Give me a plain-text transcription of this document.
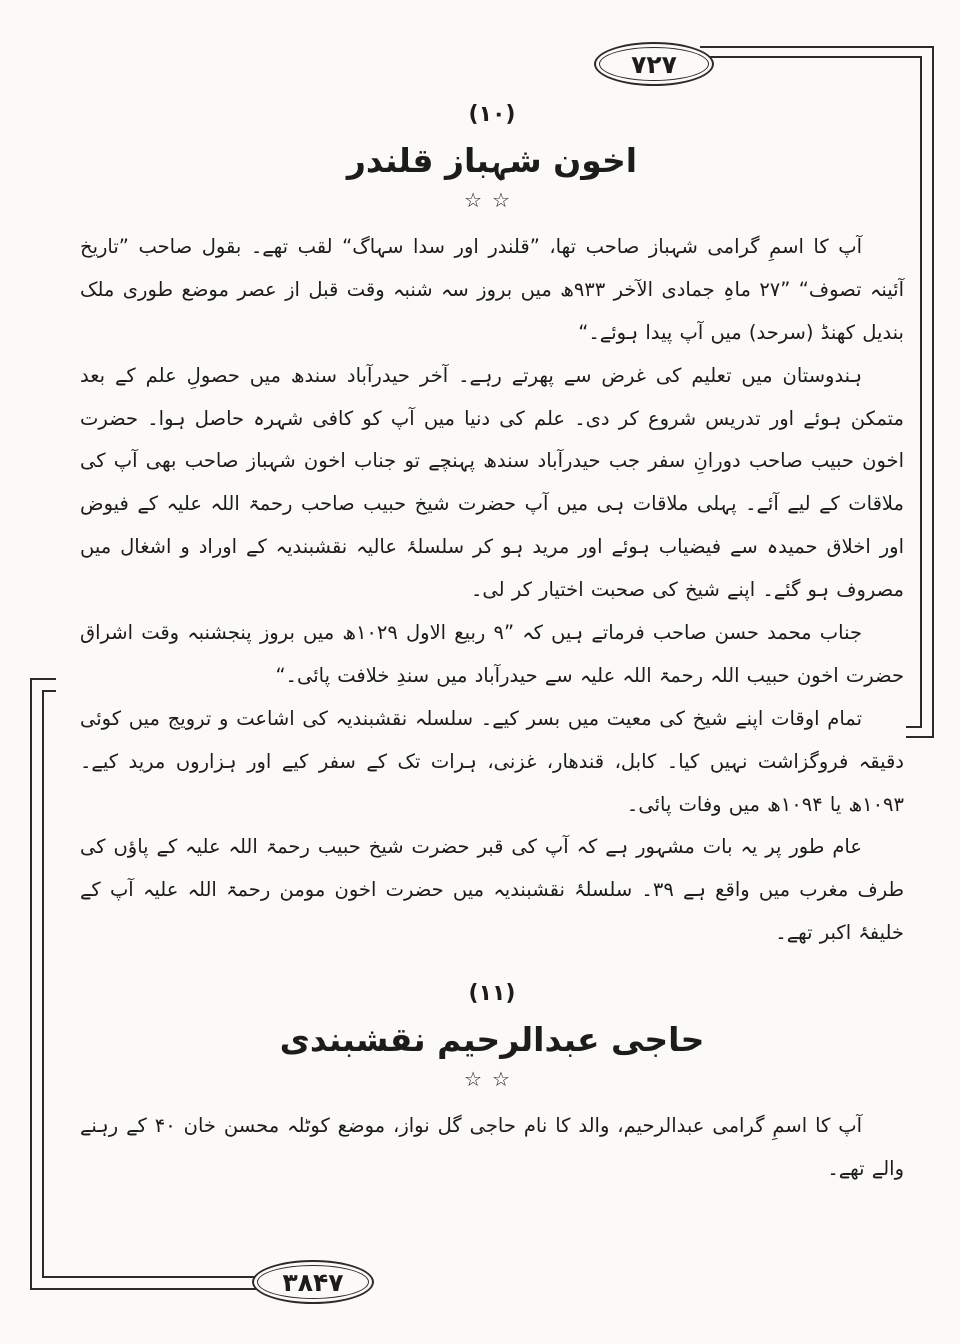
۷۲۷
۳۸۴۷
(۱۰)
اخون شہباز قلندر
☆☆

آپ کا اسمِ گرامی شہباز صاحب تھا، ”قلندر اور سدا سہاگ“ لقب تھے۔ بقول صاحب ”تاریخ آئینہ تصوف“ ”۲۷ ماہِ جمادی الآخر ۹۳۳ھ میں بروز سہ شنبہ وقت قبل از عصر موضع طوری ملک بندیل کھنڈ (سرحد) میں آپ پیدا ہوئے۔“

ہندوستان میں تعلیم کی غرض سے پھرتے رہے۔ آخر حیدرآباد سندھ میں حصولِ علم کے بعد متمکن ہوئے اور تدریس شروع کر دی۔ علم کی دنیا میں آپ کو کافی شہرہ حاصل ہوا۔ حضرت اخون حبیب صاحب دورانِ سفر جب حیدرآباد سندھ پہنچے تو جناب اخون شہباز صاحب بھی آپ کی ملاقات کے لیے آئے۔ پہلی ملاقات ہی میں آپ حضرت شیخ حبیب صاحب رحمۃ اللہ علیہ کے فیوض اور اخلاق حمیدہ سے فیضیاب ہوئے اور مرید ہو کر سلسلۂ عالیہ نقشبندیہ کے اوراد و اشغال میں مصروف ہو گئے۔ اپنے شیخ کی صحبت اختیار کر لی۔

جناب محمد حسن صاحب فرماتے ہیں کہ ”۹ ربیع الاول ۱۰۲۹ھ میں بروز پنجشنبہ وقت اشراق حضرت اخون حبیب اللہ رحمۃ اللہ علیہ سے حیدرآباد میں سندِ خلافت پائی۔“

تمام اوقات اپنے شیخ کی معیت میں بسر کیے۔ سلسلہ نقشبندیہ کی اشاعت و ترویج میں کوئی دقیقہ فروگزاشت نہیں کیا۔ کابل، قندھار، غزنی، ہرات تک کے سفر کیے اور ہزاروں مرید کیے۔ ۱۰۹۳ھ یا ۱۰۹۴ھ میں وفات پائی۔

عام طور پر یہ بات مشہور ہے کہ آپ کی قبر حضرت شیخ حبیب رحمۃ اللہ علیہ کے پاؤں کی طرف مغرب میں واقع ہے ۳۹۔ سلسلۂ نقشبندیہ میں حضرت اخون مومن رحمۃ اللہ علیہ آپ کے خلیفۂ اکبر تھے۔

(۱۱)
حاجی عبدالرحیم نقشبندی
☆☆

آپ کا اسمِ گرامی عبدالرحیم، والد کا نام حاجی گل نواز، موضع کوٹلہ محسن خان ۴۰ کے رہنے والے تھے۔
